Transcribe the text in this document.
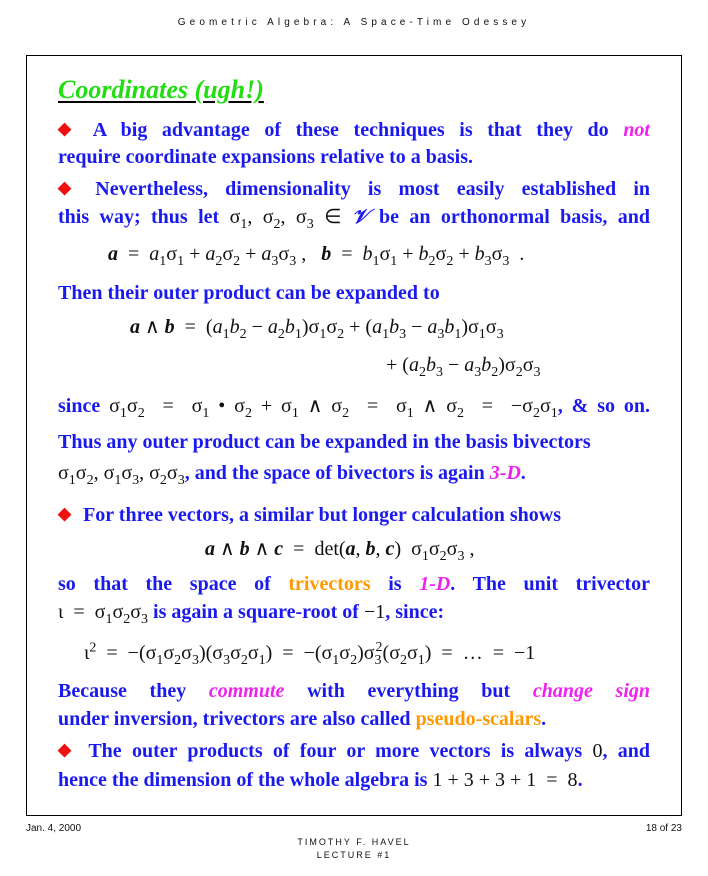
Geometric Algebra: A Space-Time Odessey
Coordinates (ugh!)
◆ A big advantage of these techniques is that they do not
require coordinate expansions relative to a basis.
◆ Nevertheless, dimensionality is most easily established in
this way; thus let $\sigma_1$, $\sigma_2$, $\sigma_3$ ∈ 𝒱 be an orthonormal basis, and
$a = a_1\sigma_1 + a_2\sigma_2 + a_3\sigma_3$ ,   $b = b_1\sigma_1 + b_2\sigma_2 + b_3\sigma_3$  .
Then their outer product can be expanded to
a ∧ $b = (a_1b_2 - a_2b_1)\sigma_1\sigma_2 + (a_1b_3 - a_3b_1)\sigma_1\sigma_3$
+ $(a_2b_3 - a_3b_2)\sigma_2\sigma_3$
since $\sigma_1\sigma_2 = \sigma_1$ • $\sigma_2 + \sigma_1$ ∧ $\sigma_2 = \sigma_1$ ∧ $\sigma_2 = -\sigma_2\sigma_1$, & so on.
Thus any outer product can be expanded in the basis bivectors
$\sigma_1\sigma_2$, $\sigma_1\sigma_3$, $\sigma_2\sigma_3$, and the space of bivectors is again 3-D.
◆ For three vectors, a similar but longer calculation shows
a ∧ b ∧ c  =  det(a, b, c)  $\sigma_1\sigma_2\sigma_3$ ,
so that the space of trivectors is 1-D. The unit trivector
$\iota = \sigma_1\sigma_2\sigma_3$ is again a square-root of −1, since:
$\iota^2 = -(\sigma_1\sigma_2\sigma_3)(\sigma_3\sigma_2\sigma_1) = -(\sigma_1\sigma_2)\sigma_3^2(\sigma_2\sigma_1)$  =  …  =  −1
Because they commute with everything but change sign
under inversion, trivectors are also called pseudo-scalars.
◆ The outer products of four or more vectors is always 0, and
hence the dimension of the whole algebra is 1 + 3 + 3 + 1  =  8.
Jan. 4, 2000	18 of 23
TIMOTHY F. HAVEL
LECTURE #1
